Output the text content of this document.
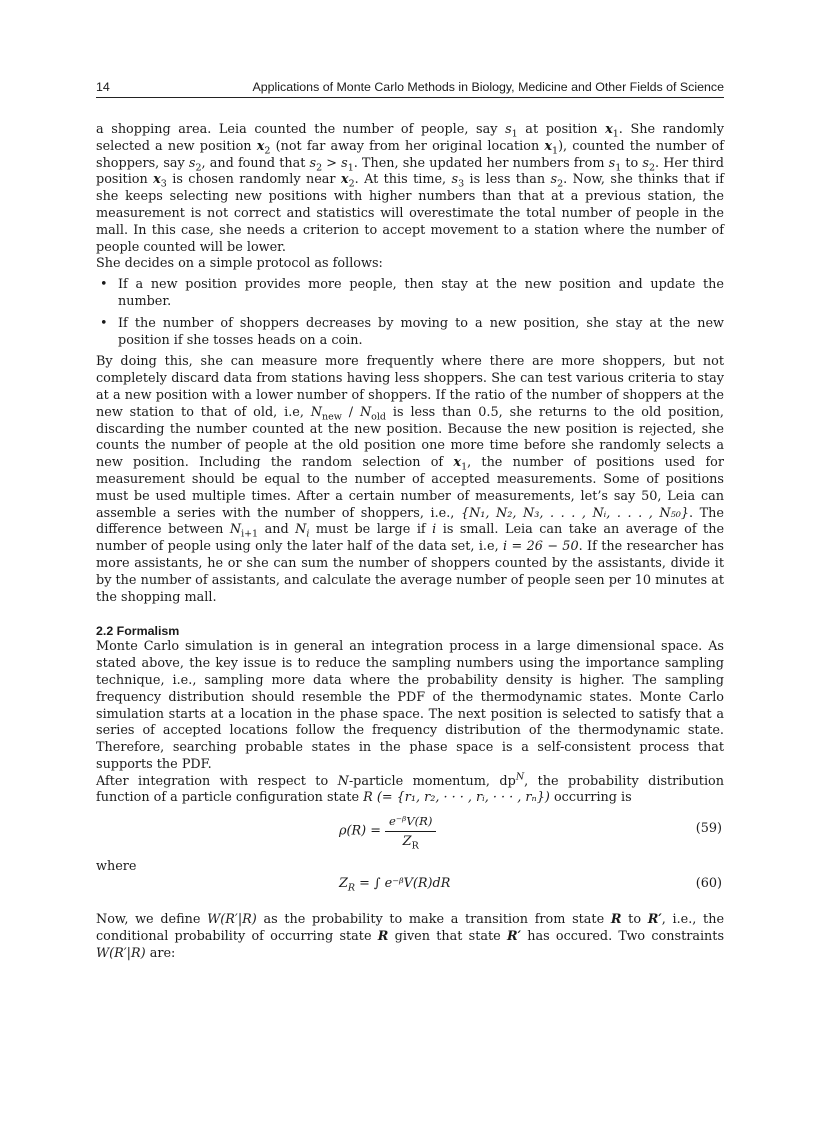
14	Applications of Monte Carlo Methods in Biology, Medicine and Other Fields of Science

a shopping area. Leia counted the number of people, say $s_1$ at position $x_1$. She randomly selected a new position $x_2$ (not far away from her original location $x_1$), counted the number of shoppers, say $s_2$, and found that $s_2 > s_1$. Then, she updated her numbers from $s_1$ to $s_2$. Her third position $x_3$ is chosen randomly near $x_2$. At this time, $s_3$ is less than $s_2$. Now, she thinks that if she keeps selecting new positions with higher numbers than that at a previous station, the measurement is not correct and statistics will overestimate the total number of people in the mall. In this case, she needs a criterion to accept movement to a station where the number of people counted will be lower.

She decides on a simple protocol as follows:

• If a new position provides more people, then stay at the new position and update the number.
• If the number of shoppers decreases by moving to a new position, she stay at the new position if she tosses heads on a coin.

By doing this, she can measure more frequently where there are more shoppers, but not completely discard data from stations having less shoppers. She can test various criteria to stay at a new position with a lower number of shoppers. If the ratio of the number of shoppers at the new station to that of old, i.e, $N_{new} / N_{old}$ is less than 0.5, she returns to the old position, discarding the number counted at the new position. Because the new position is rejected, she counts the number of people at the old position one more time before she randomly selects a new position. Including the random selection of $x_1$, the number of positions used for measurement should be equal to the number of accepted measurements. Some of positions must be used multiple times. After a certain number of measurements, let’s say 50, Leia can assemble a series with the number of shoppers, i.e., {N₁, N₂, N₃, . . . , Nᵢ, . . . , N₅₀}. The difference between $N_{i+1}$ and $N_i$ must be large if i is small. Leia can take an average of the number of people using only the later half of the data set, i.e, i = 26 − 50. If the researcher has more assistants, he or she can sum the number of shoppers counted by the assistants, divide it by the number of assistants, and calculate the average number of people seen per 10 minutes at the shopping mall.

2.2 Formalism

Monte Carlo simulation is in general an integration process in a large dimensional space. As stated above, the key issue is to reduce the sampling numbers using the importance sampling technique, i.e., sampling more data where the probability density is higher. The sampling frequency distribution should resemble the PDF of the thermodynamic states. Monte Carlo simulation starts at a location in the phase space. The next position is selected to satisfy that a series of accepted locations follow the frequency distribution of the thermodynamic state. Therefore, searching probable states in the phase space is a self-consistent process that supports the PDF.

After integration with respect to N-particle momentum, $dp^N$, the probability distribution function of a particle configuration state R (= {r₁, r₂, · · · , rᵢ, · · · , rₙ}) occurring is

$\rho(R) = \frac{\text{e⁻ᵝV(R)}}{Z_R}$	(59)

where

$Z_R$ = ∫ e⁻ᵝV(R)dR	(60)

Now, we define W(R′|R) as the probability to make a transition from state R to R′, i.e., the conditional probability of occurring state R given that state R′ has occured. Two constraints W(R′|R) are:
